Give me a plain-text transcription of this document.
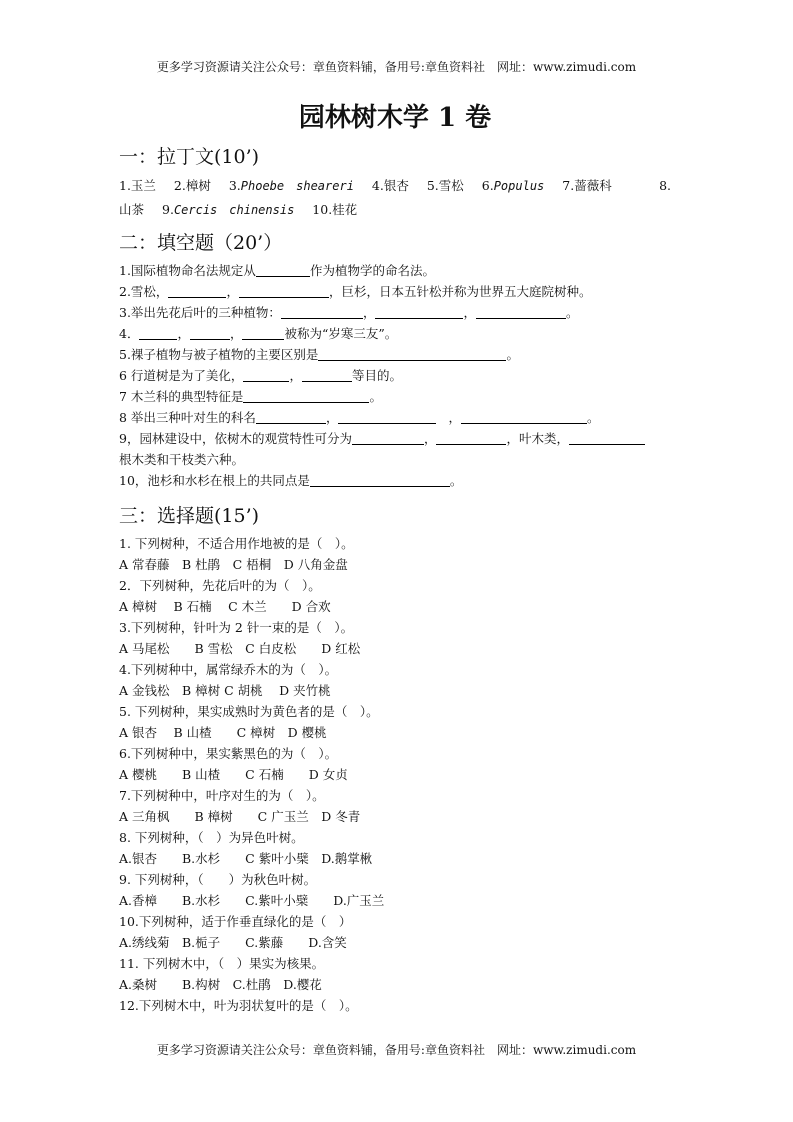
更多学习资源请关注公众号：章鱼资料铺，备用号:章鱼资料社　网址：www.zimudi.com
园林树木学 1 卷
一：拉丁文(10’)
1.玉兰 2.樟树 3.Phoebe　sheareri 4.银杏 5.雪松 6.Populus 7.蔷薇科	8.

山茶 9.Cercis　chinensis 10.桂花
二：填空题（20’）
1.国际植物命名法规定从	作为植物学的命名法。
2.雪松，	，	，巨杉，日本五针松并称为世界五大庭院树种。
3.举出先花后叶的三种植物：	，	，	。
4．	，	，	被称为“岁寒三友”。
5.裸子植物与被子植物的主要区别是	。
6 行道树是为了美化，	，	等目的。
7 木兰科的典型特征是	。
8 举出三种叶对生的科名	，	，	。
9，园林建设中，依树木的观赏特性可分为	，	，叶木类，
根木类和干枝类六种。
10，池杉和水杉在根上的共同点是	。
三：选择题(15’)
1. 下列树种，不适合用作地被的是（　）。
A 常春藤　B 杜鹃　C 梧桐　D 八角金盘
2．下列树种，先花后叶的为（　）。
A 樟树　 B 石楠　 C 木兰　　D 合欢
3.下列树种，针叶为 2 针一束的是（　）。
A 马尾松　　B 雪松　C 白皮松　　D 红松
4.下列树种中，属常绿乔木的为（　）。
A 金钱松　B 樟树 C 胡桃　 D 夹竹桃
5. 下列树种，果实成熟时为黄色者的是（　）。
A 银杏　 B 山楂　　C 樟树　D 樱桃
6.下列树种中，果实紫黑色的为（　）。
A 樱桃　　B 山楂　　C 石楠　　D 女贞
7.下列树种中，叶序对生的为（　）。
A 三角枫　　B 樟树　　C 广玉兰　D 冬青
8. 下列树种，（　）为异色叶树。
A.银杏　　B.水杉　　C 紫叶小檗　D.鹅掌楸
9. 下列树种，（　　）为秋色叶树。
A.香樟　　B.水杉　　C.紫叶小檗　　D.广玉兰
10.下列树种，适于作垂直绿化的是（　）
A.绣线菊　B.栀子　　C.紫藤　　D.含笑
11. 下列树木中，（　）果实为核果。
A.桑树　　B.构树　C.杜鹃　D.樱花
12.下列树木中，叶为羽状复叶的是（　）。
更多学习资源请关注公众号：章鱼资料铺，备用号:章鱼资料社　网址：www.zimudi.com
